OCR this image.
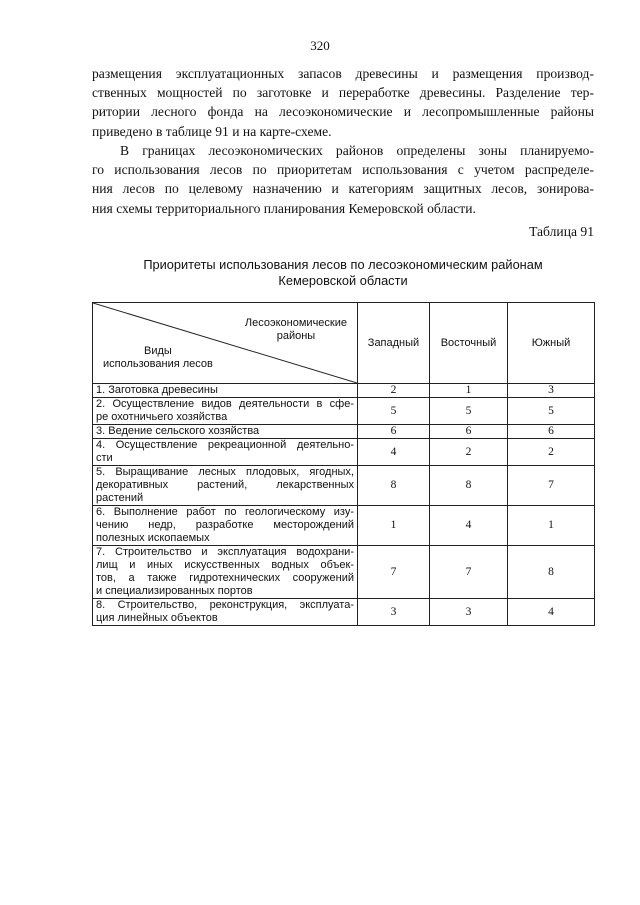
320
размещения эксплуатационных запасов древесины и размещения производ-
ственных мощностей по заготовке и переработке древесины. Разделение тер-
ритории лесного фонда на лесоэкономические и лесопромышленные районы
приведено в таблице 91 и на карте-схеме.
В границах лесоэкономических районов определены зоны планируемо-
го использования лесов по приоритетам использования с учетом распределе-
ния лесов по целевому назначению и категориям защитных лесов, зонирова-
ния схемы территориального планирования Кемеровской области.
Таблица 91
Приоритеты использования лесов по лесоэкономическим районам
Кемеровской области
Лесоэкономические
районы
Виды
использования лесов	Западный	Восточный	Южный

1. Заготовка древесины	2	1	3

2. Осуществление видов деятельности в сфе-
ре охотничьего хозяйства	5	5	5

3. Ведение сельского хозяйства	6	6	6

4. Осуществление рекреационной деятельно-
сти	4	2	2

5. Выращивание лесных плодовых, ягодных,
декоративных растений, лекарственных
растений	8	8	7

6. Выполнение работ по геологическому изу-
чению недр, разработке месторождений
полезных ископаемых	1	4	1

7. Строительство и эксплуатация водохрани-
лищ и иных искусственных водных объек-
тов, а также гидротехнических сооружений
и специализированных портов	7	7	8

8. Строительство, реконструкция, эксплуата-
ция линейных объектов	3	3	4
